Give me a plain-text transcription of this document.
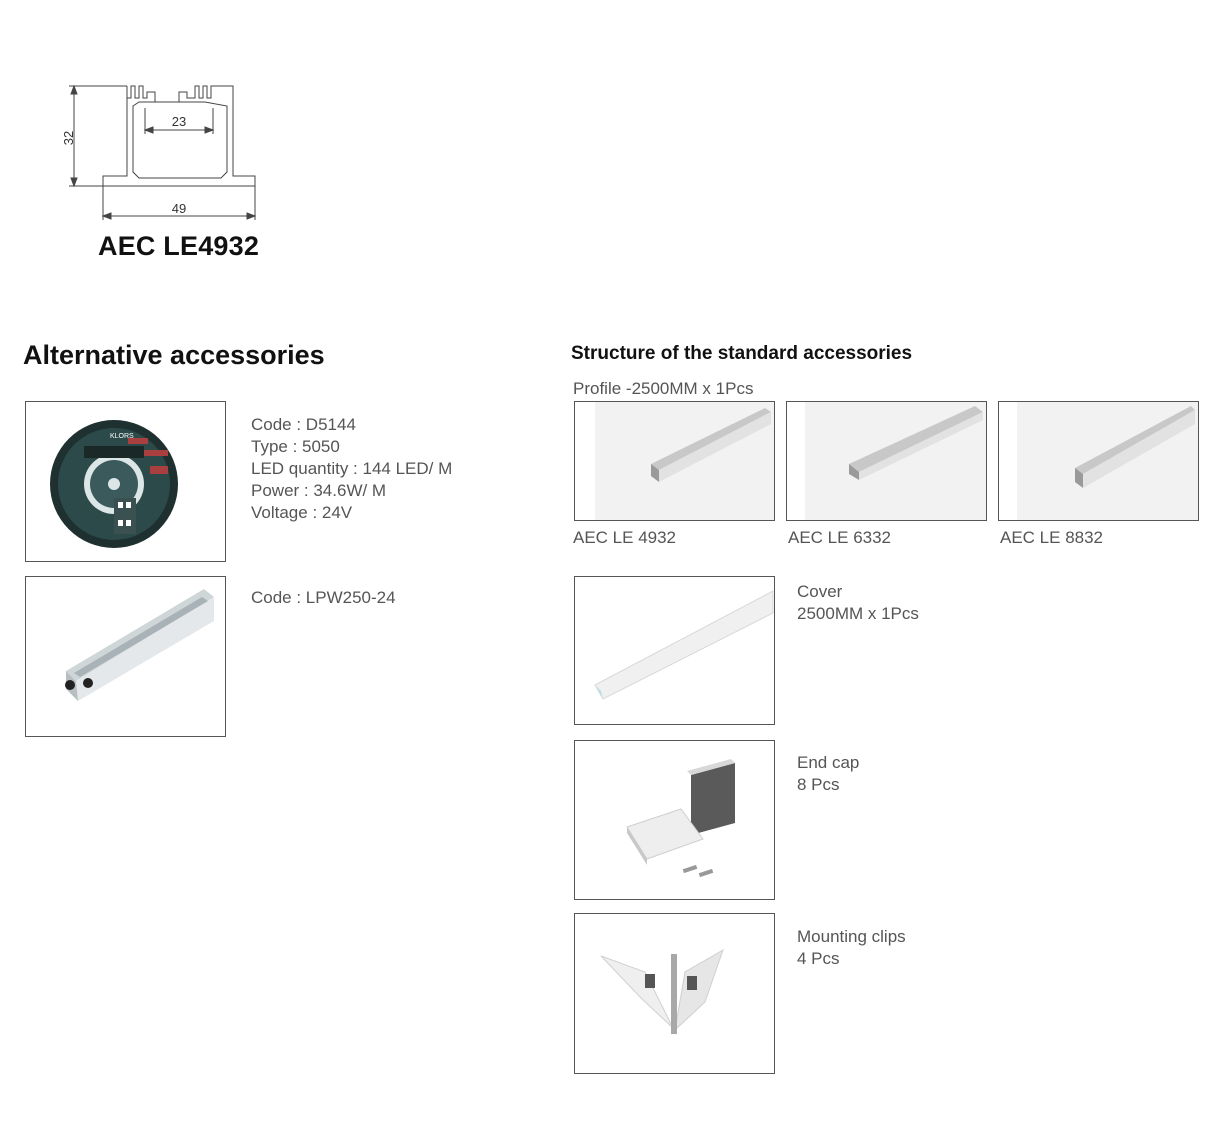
32
23
49
AEC LE4932
Alternative accessories
KLORS
Code : D5144
Type : 5050
LED quantity : 144 LED/ M
Power : 34.6W/ M
Voltage : 24V
Code : LPW250-24
Structure of the standard accessories
Profile -2500MM x 1Pcs
AEC LE 4932	AEC LE 6332	AEC LE 8832
Cover
2500MM x 1Pcs
End cap
8 Pcs
Mounting clips
4 Pcs
